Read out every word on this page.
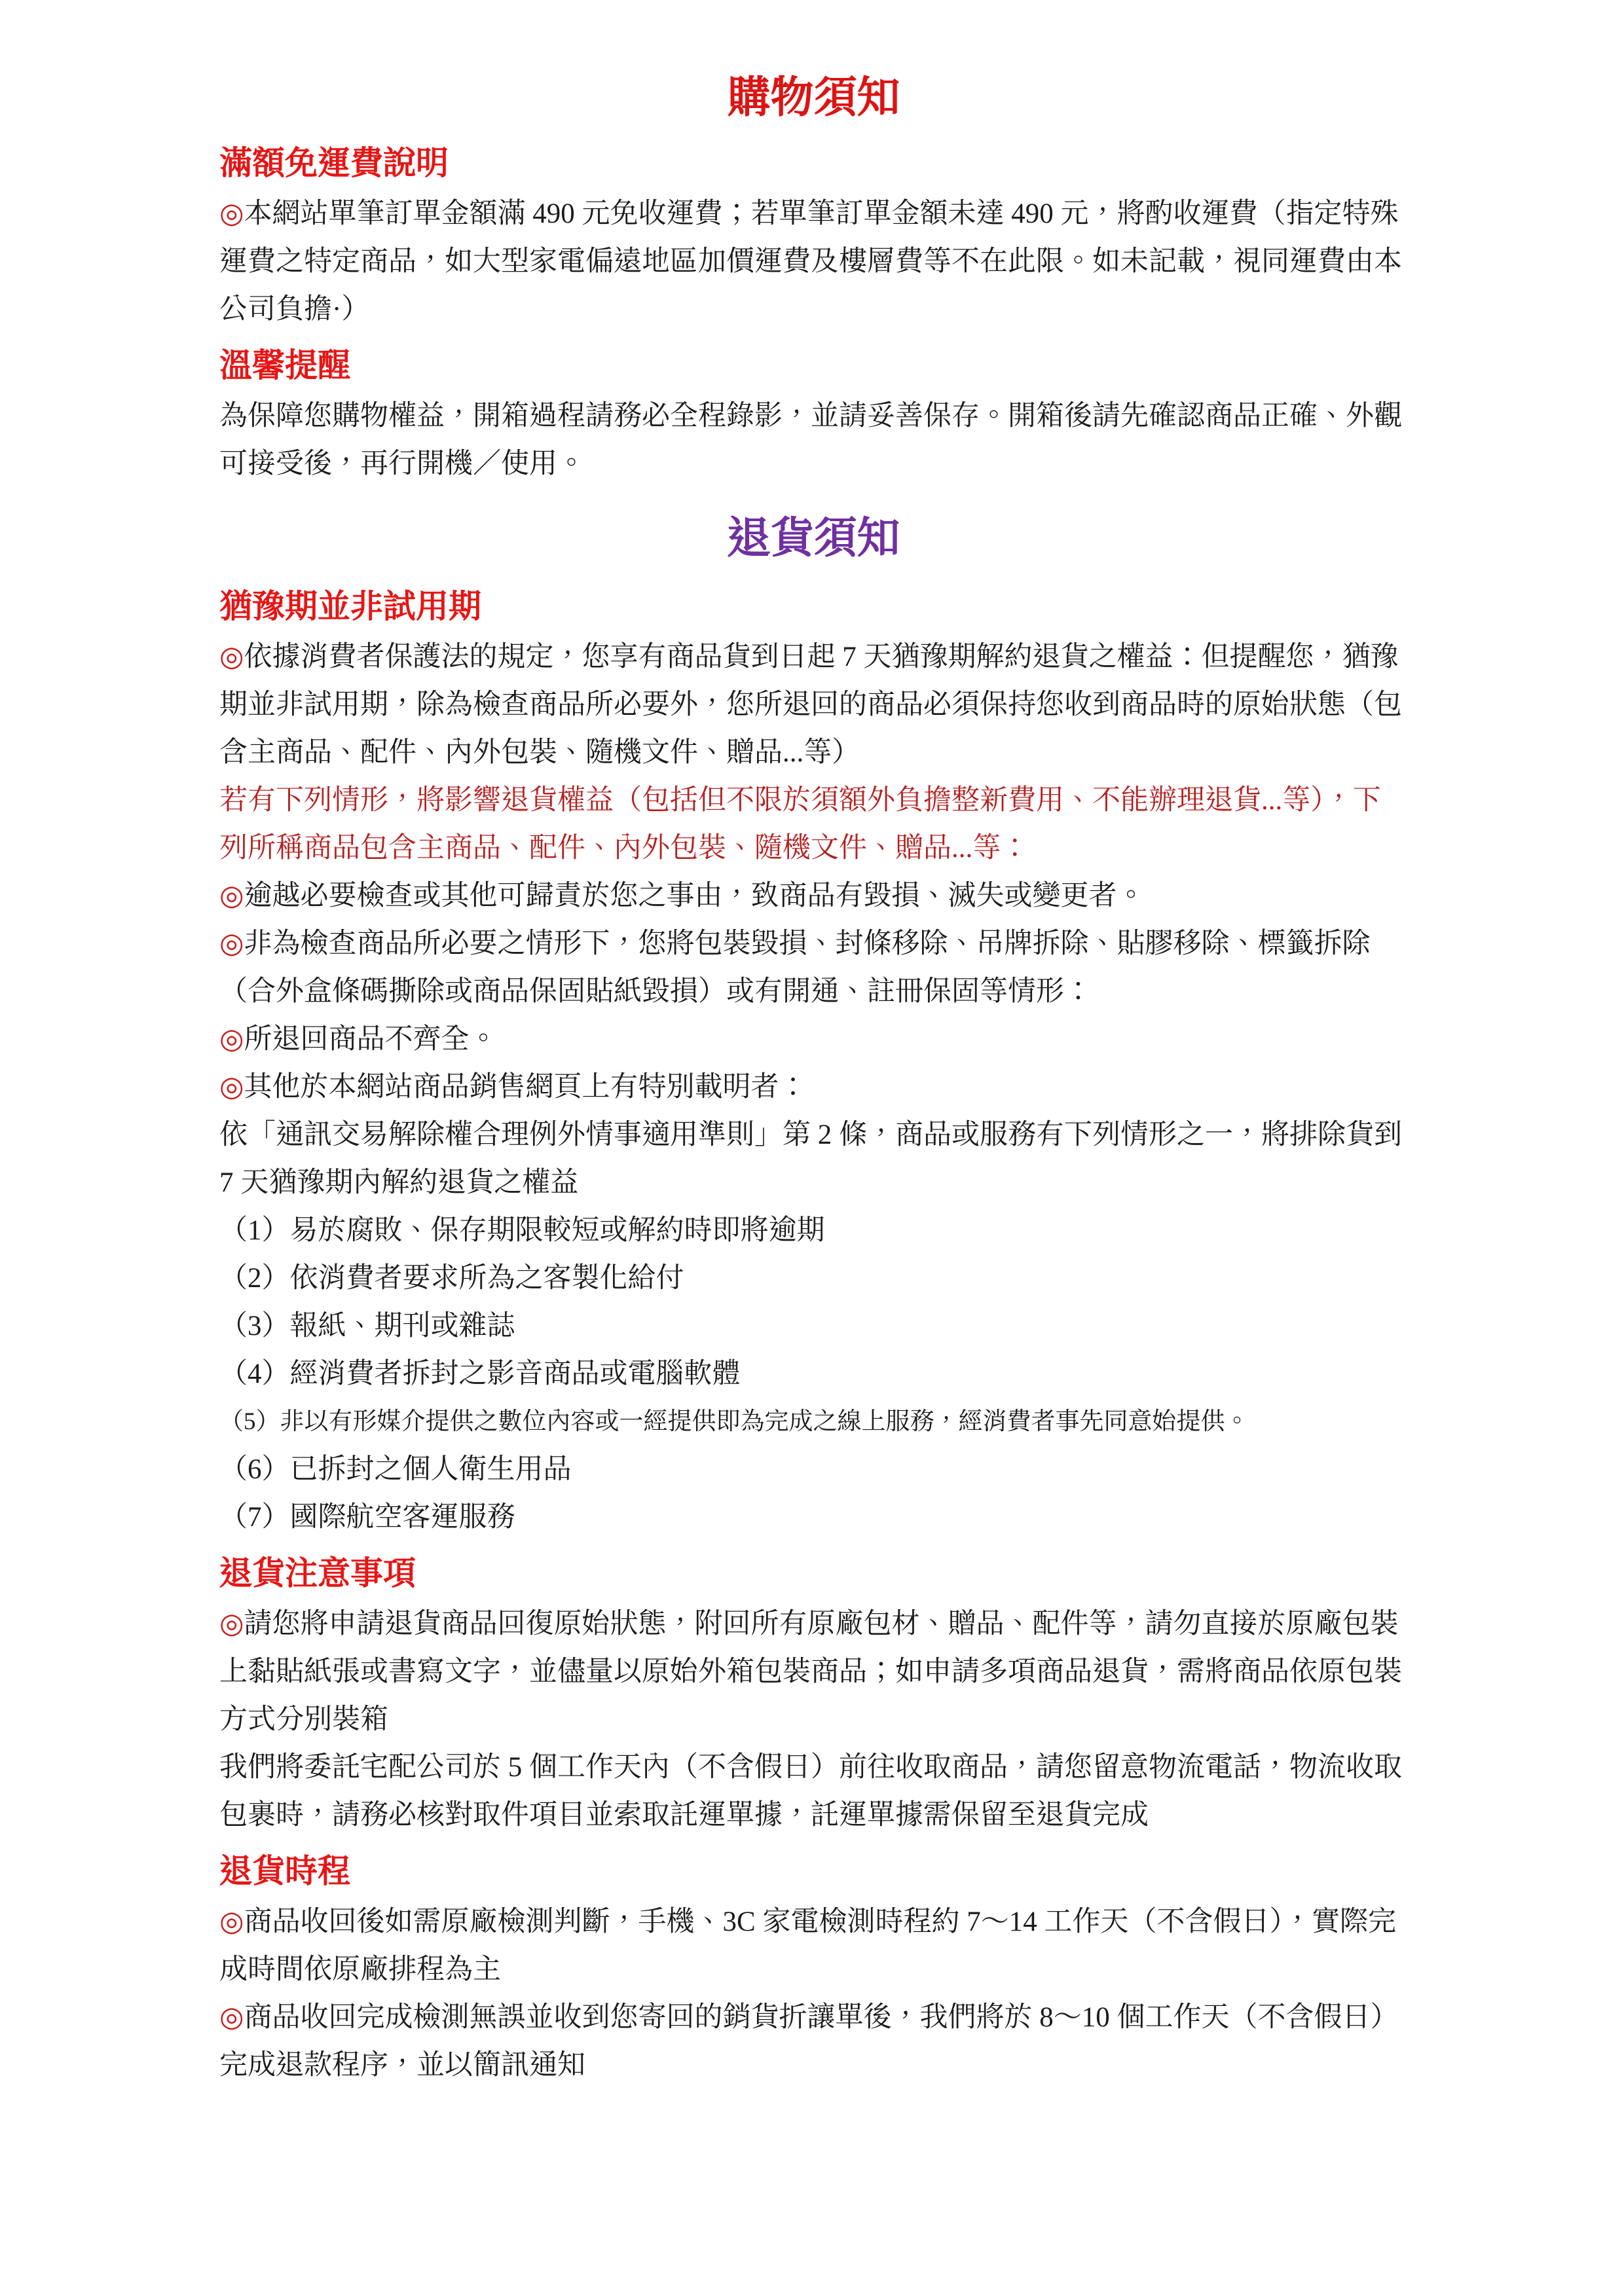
購物須知
滿額免運費說明

◎本網站單筆訂單金額滿 490 元免收運費；若單筆訂單金額未達 490 元，將酌收運費（指定特殊運費之特定商品，如大型家電偏遠地區加價運費及樓層費等不在此限。如未記載，視同運費由本公司負擔·）

溫馨提醒

為保障您購物權益，開箱過程請務必全程錄影，並請妥善保存。開箱後請先確認商品正確、外觀可接受後，再行開機／使用。

退貨須知
猶豫期並非試用期

◎依據消費者保護法的規定，您享有商品貨到日起 7 天猶豫期解約退貨之權益：但提醒您，猶豫期並非試用期，除為檢查商品所必要外，您所退回的商品必須保持您收到商品時的原始狀態（包含主商品、配件、內外包裝、隨機文件、贈品...等）

若有下列情形，將影響退貨權益（包括但不限於須額外負擔整新費用、不能辦理退貨...等），下列所稱商品包含主商品、配件、內外包裝、隨機文件、贈品...等：

◎逾越必要檢查或其他可歸責於您之事由，致商品有毀損、滅失或變更者。

◎非為檢查商品所必要之情形下，您將包裝毀損、封條移除、吊牌拆除、貼膠移除、標籤拆除（合外盒條碼撕除或商品保固貼紙毀損）或有開通、註冊保固等情形：

◎所退回商品不齊全。

◎其他於本網站商品銷售網頁上有特別載明者：

依「通訊交易解除權合理例外情事適用準則」第 2 條，商品或服務有下列情形之一，將排除貨到 7 天猶豫期內解約退貨之權益

（1）易於腐敗、保存期限較短或解約時即將逾期

（2）依消費者要求所為之客製化給付

（3）報紙、期刊或雜誌

（4）經消費者拆封之影音商品或電腦軟體

（5）非以有形媒介提供之數位內容或一經提供即為完成之線上服務，經消費者事先同意始提供。

（6）已拆封之個人衛生用品

（7）國際航空客運服務

退貨注意事項

◎請您將申請退貨商品回復原始狀態，附回所有原廠包材、贈品、配件等，請勿直接於原廠包裝上黏貼紙張或書寫文字，並儘量以原始外箱包裝商品；如申請多項商品退貨，需將商品依原包裝方式分別裝箱

我們將委託宅配公司於 5 個工作天內（不含假日）前往收取商品，請您留意物流電話，物流收取包裹時，請務必核對取件項目並索取託運單據，託運單據需保留至退貨完成

退貨時程

◎商品收回後如需原廠檢測判斷，手機、3C 家電檢測時程約 7～14 工作天（不含假日），實際完成時間依原廠排程為主

◎商品收回完成檢測無誤並收到您寄回的銷貨折讓單後，我們將於 8～10 個工作天（不含假日）完成退款程序，並以簡訊通知
